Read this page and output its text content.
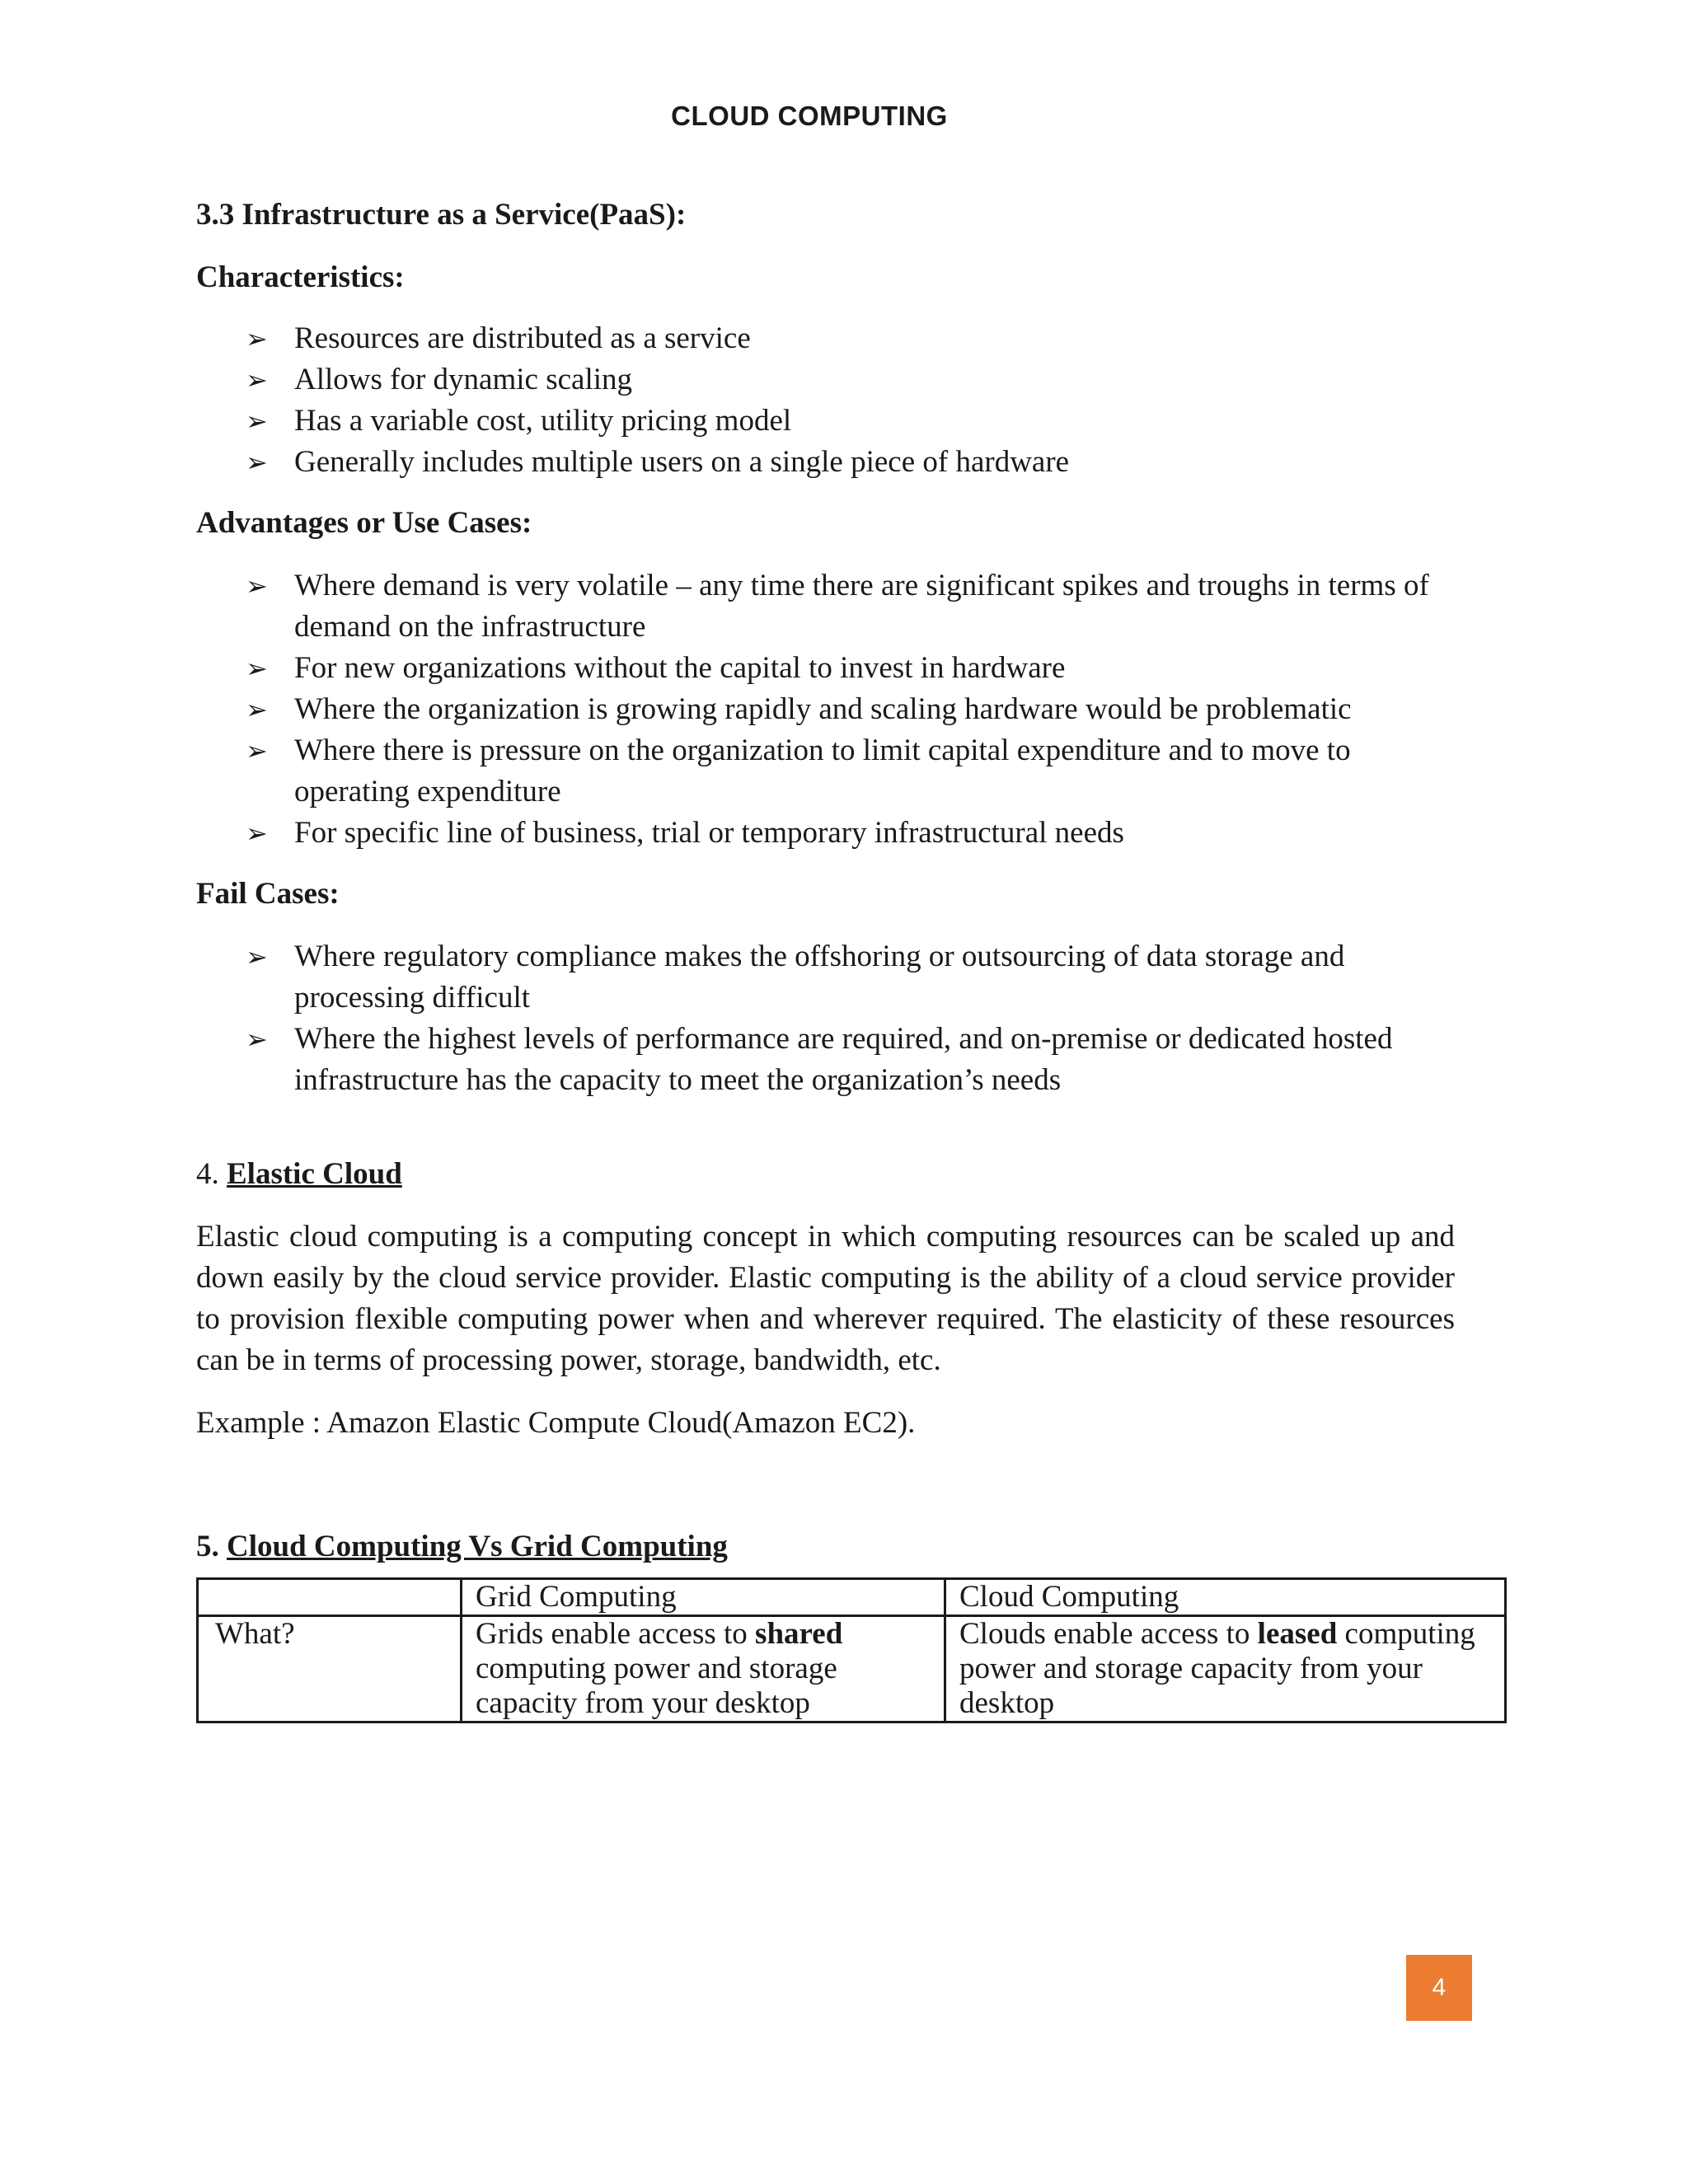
CLOUD COMPUTING

3.3 Infrastructure as a Service(PaaS):

Characteristics:

➢ Resources are distributed as a service
➢ Allows for dynamic scaling
➢ Has a variable cost, utility pricing model
➢ Generally includes multiple users on a single piece of hardware

Advantages or Use Cases:

➢ Where demand is very volatile – any time there are significant spikes and troughs in terms of demand on the infrastructure
➢ For new organizations without the capital to invest in hardware
➢ Where the organization is growing rapidly and scaling hardware would be problematic
➢ Where there is pressure on the organization to limit capital expenditure and to move to operating expenditure
➢ For specific line of business, trial or temporary infrastructural needs

Fail Cases:

➢ Where regulatory compliance makes the offshoring or outsourcing of data storage and processing difficult
➢ Where the highest levels of performance are required, and on-premise or dedicated hosted infrastructure has the capacity to meet the organization’s needs

4. Elastic Cloud

Elastic cloud computing is a computing concept in which computing resources can be scaled up and down easily by the cloud service provider. Elastic computing is the ability of a cloud service provider to provision flexible computing power when and wherever required. The elasticity of these resources can be in terms of processing power, storage, bandwidth, etc.

Example : Amazon Elastic Compute Cloud(Amazon EC2).

5. Cloud Computing Vs Grid Computing

	Grid Computing	Cloud Computing
What?	Grids enable access to shared computing power and storage capacity from your desktop	Clouds enable access to leased computing power and storage capacity from your desktop
4
